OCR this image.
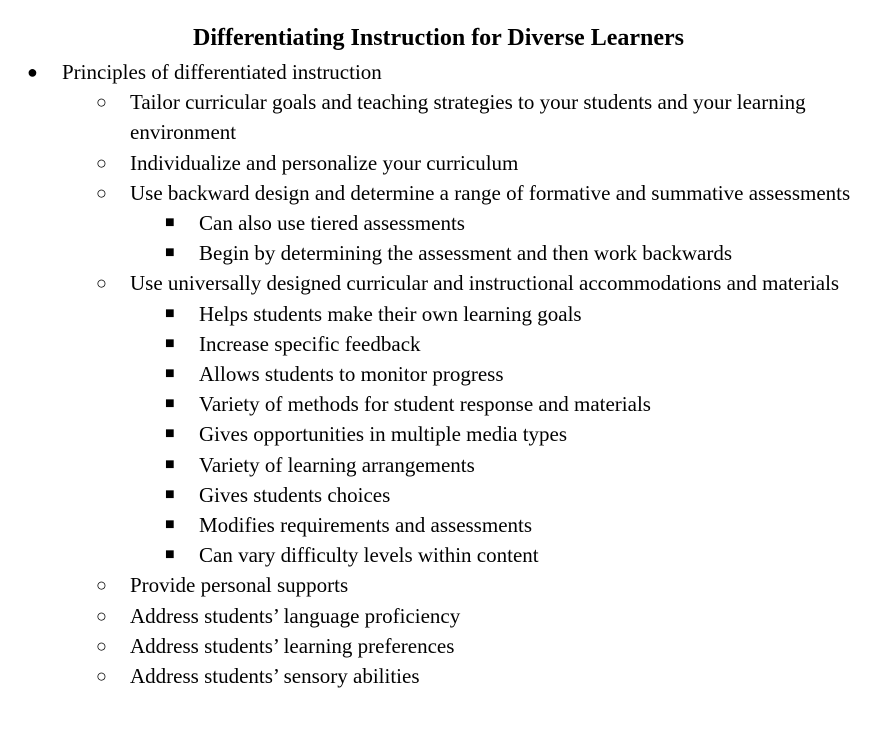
Differentiating Instruction for Diverse Learners
● Principles of differentiated instruction
○ Tailor curricular goals and teaching strategies to your students and your learning environment
○ Individualize and personalize your curriculum
○ Use backward design and determine a range of formative and summative assessments
■ Can also use tiered assessments
■ Begin by determining the assessment and then work backwards
○ Use universally designed curricular and instructional accommodations and materials
■ Helps students make their own learning goals
■ Increase specific feedback
■ Allows students to monitor progress
■ Variety of methods for student response and materials
■ Gives opportunities in multiple media types
■ Variety of learning arrangements
■ Gives students choices
■ Modifies requirements and assessments
■ Can vary difficulty levels within content
○ Provide personal supports
○ Address students’ language proficiency
○ Address students’ learning preferences
○ Address students’ sensory abilities
